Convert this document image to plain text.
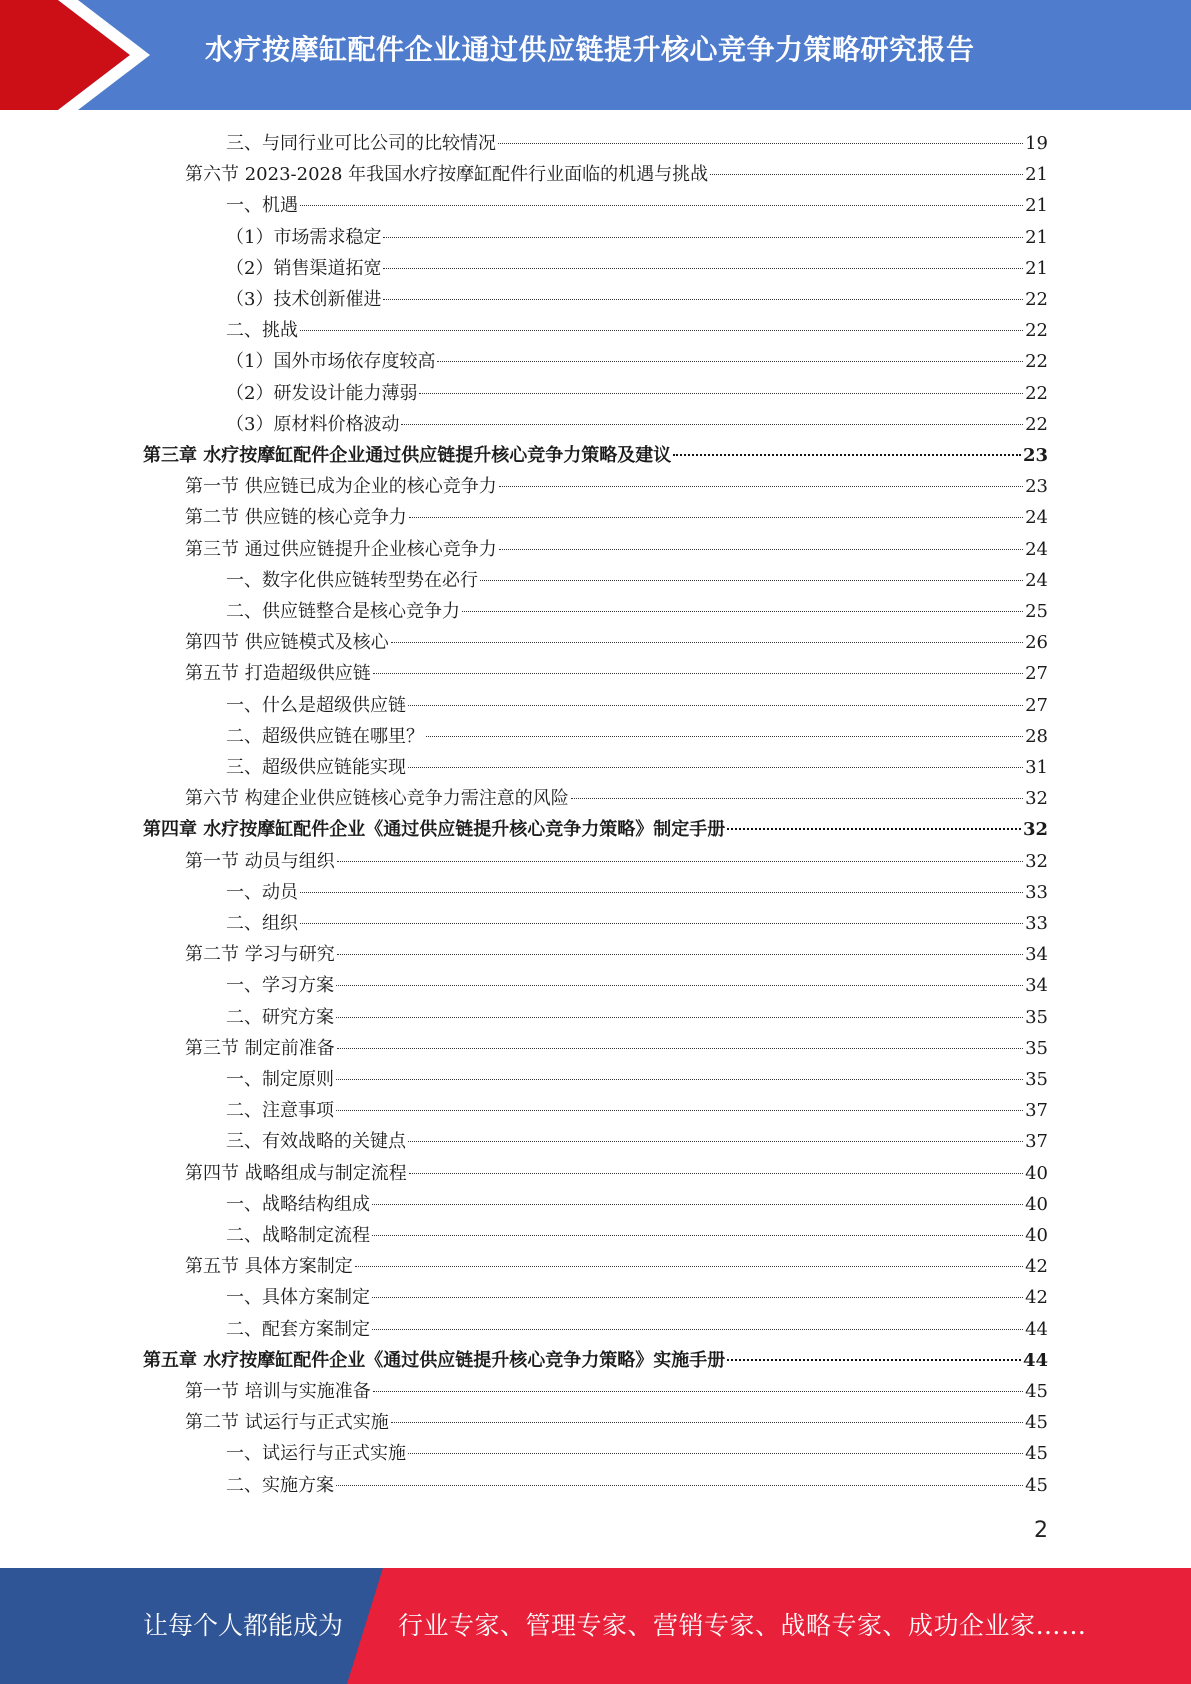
水疗按摩缸配件企业通过供应链提升核心竞争力策略研究报告
三、与同行业可比公司的比较情况	19
第六节 2023-2028 年我国水疗按摩缸配件行业面临的机遇与挑战	21
一、机遇	21
（1）市场需求稳定	21
（2）销售渠道拓宽	21
（3）技术创新催进	22
二、挑战	22
（1）国外市场依存度较高	22
（2）研发设计能力薄弱	22
（3）原材料价格波动	22
第三章 水疗按摩缸配件企业通过供应链提升核心竞争力策略及建议	23
第一节 供应链已成为企业的核心竞争力	23
第二节 供应链的核心竞争力	24
第三节 通过供应链提升企业核心竞争力	24
一、数字化供应链转型势在必行	24
二、供应链整合是核心竞争力	25
第四节 供应链模式及核心	26
第五节 打造超级供应链	27
一、什么是超级供应链	27
二、超级供应链在哪里？	28
三、超级供应链能实现	31
第六节 构建企业供应链核心竞争力需注意的风险	32
第四章 水疗按摩缸配件企业《通过供应链提升核心竞争力策略》制定手册	32
第一节 动员与组织	32
一、动员	33
二、组织	33
第二节 学习与研究	34
一、学习方案	34
二、研究方案	35
第三节 制定前准备	35
一、制定原则	35
二、注意事项	37
三、有效战略的关键点	37
第四节 战略组成与制定流程	40
一、战略结构组成	40
二、战略制定流程	40
第五节 具体方案制定	42
一、具体方案制定	42
二、配套方案制定	44
第五章 水疗按摩缸配件企业《通过供应链提升核心竞争力策略》实施手册	44
第一节 培训与实施准备	45
第二节 试运行与正式实施	45
一、试运行与正式实施	45
二、实施方案	45
2
让每个人都能成为 行业专家、管理专家、营销专家、战略专家、成功企业家……
